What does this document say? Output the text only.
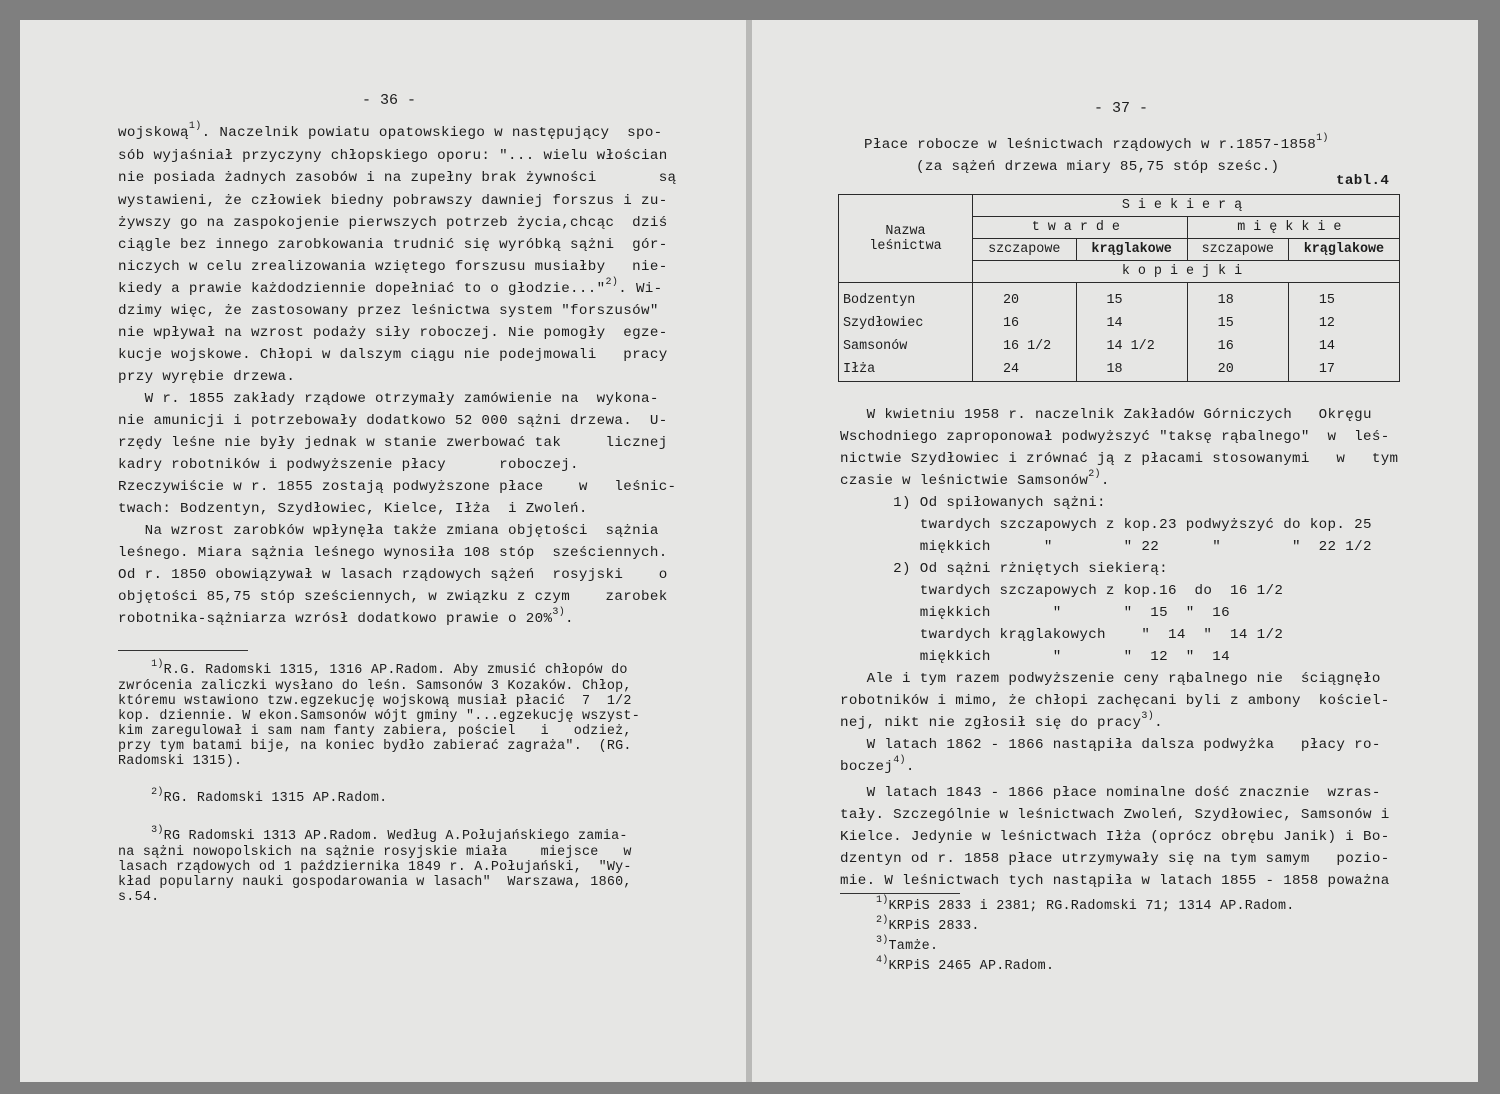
- 36 -
wojskową$^{1)}$. Naczelnik powiatu opatowskiego w następujący  spo-
sób wyjaśniał przyczyny chłopskiego oporu: "... wielu włościan
nie posiada żadnych zasobów i na zupełny brak żywności       są
wystawieni, że człowiek biedny pobrawszy dawniej forszus i zu-
żywszy go na zaspokojenie pierwszych potrzeb życia,chcąc  dziś
ciągle bez innego zarobkowania trudnić się wyróbką sążni  gór-
niczych w celu zrealizowania wziętego forszusu musiałby   nie-
kiedy a prawie każdodziennie dopełniać to o głodzie..."$^{2)}$. Wi-
dzimy więc, że zastosowany przez leśnictwa system "forszusów"
nie wpływał na wzrost podaży siły roboczej. Nie pomogły  egze-
kucje wojskowe. Chłopi w dalszym ciągu nie podejmowali   pracy
przy wyrębie drzewa.
W r. 1855 zakłady rządowe otrzymały zamówienie na  wykona-
nie amunicji i potrzebowały dodatkowo 52 000 sążni drzewa.  U-
rzędy leśne nie były jednak w stanie zwerbować tak     licznej
kadry robotników i podwyższenie płacy      roboczej.
Rzeczywiście w r. 1855 zostają podwyższone płace    w   leśnic-
twach: Bodzentyn, Szydłowiec, Kielce, Iłża  i Zwoleń.
Na wzrost zarobków wpłynęła także zmiana objętości  sążnia
leśnego. Miara sążnia leśnego wynosiła 108 stóp  sześciennych.
Od r. 1850 obowiązywał w lasach rządowych sążeń  rosyjski    o
objętości 85,75 stóp sześciennych, w związku z czym    zarobek
robotnika-sążniarza wzrósł dodatkowo prawie o 20%$^{3)}$.
$^{1)}$R.G. Radomski 1315, 1316 AP.Radom. Aby zmusić chłopów do
zwrócenia zaliczki wysłano do leśn. Samsonów 3 Kozaków. Chłop,
któremu wstawiono tzw.egzekucję wojskową musiał płacić  7  1/2
kop. dziennie. W ekon.Samsonów wójt gminy "...egzekucję wszyst-
kim zaregulował i sam nam fanty zabiera, pościel   i   odzież,
przy tym batami bije, na koniec bydło zabierać zagraża".  (RG.
Radomski 1315).
$^{2)}$RG. Radomski 1315 AP.Radom.
$^{3)}$RG Radomski 1313 AP.Radom. Według A.Połujańskiego zamia-
na sążni nowopolskich na sążnie rosyjskie miała    miejsce   w
lasach rządowych od 1 października 1849 r. A.Połujański,  "Wy-
kład popularny nauki gospodarowania w lasach"  Warszawa, 1860,
s.54.
- 37 -
Płace robocze w leśnictwach rządowych w r.1857-1858$^{1)}$
(za sążeń drzewa miary 85,75 stóp sześc.)
tabl.4
Nazwa
leśnictwa	Siekierą			
	twarde		miękkie	
	szczapowe	krąglakowe	szczapowe	krąglakowe
	kopiejki			

Bodzentyn	20	15	18	15
Szydłowiec	16	14	15	12
Samsonów	16 1/2	14 1/2	16	14
Iłża	24	18	20	17
W kwietniu 1958 r. naczelnik Zakładów Górniczych   Okręgu
Wschodniego zaproponował podwyższyć "taksę rąbalnego"  w  leś-
nictwie Szydłowiec i zrównać ją z płacami stosowanymi   w   tym
czasie w leśnictwie Samsonów$^{2)}$.
1) Od spiłowanych sążni:
twardych szczapowych z kop.23 podwyższyć do kop. 25
miękkich      "        " 22      "        "  22 1/2
2) Od sążni rżniętych siekierą:
twardych szczapowych z kop.16  do  16 1/2
miękkich       "       "  15  "  16
twardych krąglakowych    "  14  "  14 1/2
miękkich       "       "  12  "  14
Ale i tym razem podwyższenie ceny rąbalnego nie  ściągnęło
robotników i mimo, że chłopi zachęcani byli z ambony  kościel-
nej, nikt nie zgłosił się do pracy$^{3)}$.
W latach 1862 - 1866 nastąpiła dalsza podwyżka   płacy ro-
boczej$^{4)}$.
W latach 1843 - 1866 płace nominalne dość znacznie  wzras-
tały. Szczególnie w leśnictwach Zwoleń, Szydłowiec, Samsonów i
Kielce. Jedynie w leśnictwach Iłża (oprócz obrębu Janik) i Bo-
dzentyn od r. 1858 płace utrzymywały się na tym samym   pozio-
mie. W leśnictwach tych nastąpiła w latach 1855 - 1858 poważna
$^{1)}$KRPiS 2833 i 2381; RG.Radomski 71; 1314 AP.Radom.
$^{2)}$KRPiS 2833.
$^{3)}$Tamże.
$^{4)}$KRPiS 2465 AP.Radom.
